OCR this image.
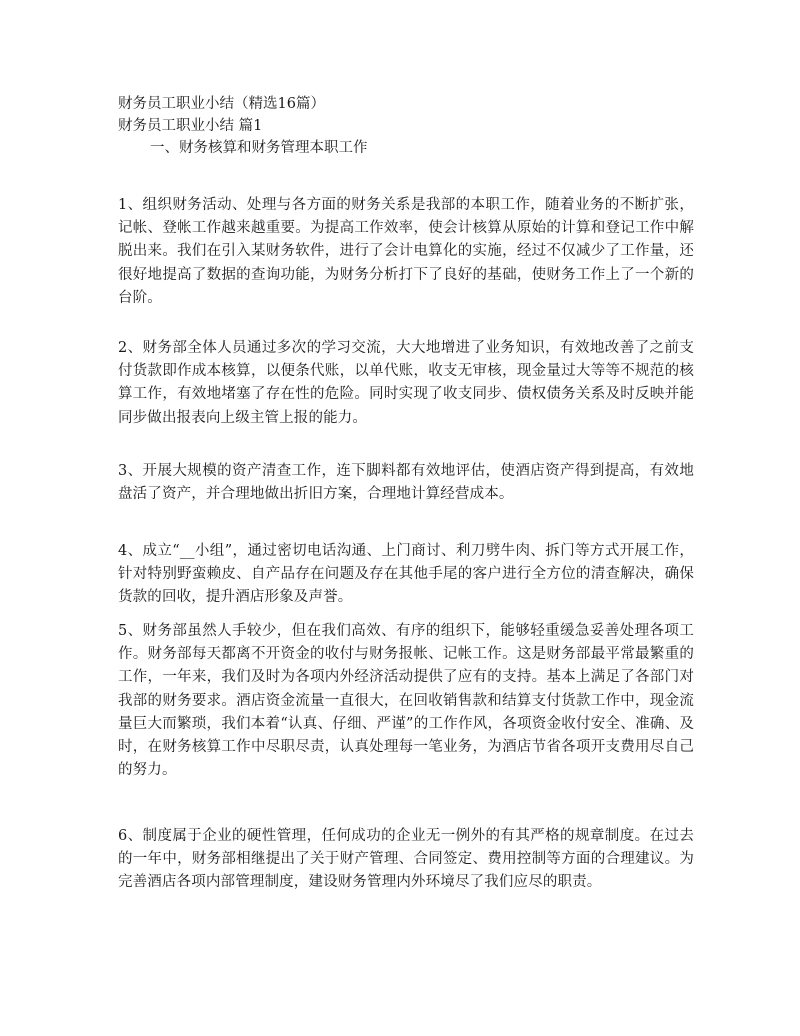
财务员工职业小结（精选16篇）
财务员工职业小结 篇1
一、财务核算和财务管理本职工作

1、组织财务活动、处理与各方面的财务关系是我部的本职工作，随着业务的不断扩张，记帐、登帐工作越来越重要。为提高工作效率，使会计核算从原始的计算和登记工作中解脱出来。我们在引入某财务软件，进行了会计电算化的实施，经过不仅减少了工作量，还很好地提高了数据的查询功能，为财务分析打下了良好的基础，使财务工作上了一个新的台阶。

2、财务部全体人员通过多次的学习交流，大大地增进了业务知识，有效地改善了之前支付货款即作成本核算，以便条代账，以单代账，收支无审核，现金量过大等等不规范的核算工作，有效地堵塞了存在性的危险。同时实现了收支同步、债权债务关系及时反映并能同步做出报表向上级主管上报的能力。

3、开展大规模的资产清查工作，连下脚料都有效地评估，使酒店资产得到提高，有效地盘活了资产，并合理地做出折旧方案，合理地计算经营成本。

4、成立“__小组”，通过密切电话沟通、上门商讨、利刀劈牛肉、拆门等方式开展工作，针对特别野蛮赖皮、自产品存在问题及存在其他手尾的客户进行全方位的清查解决，确保货款的回收，提升酒店形象及声誉。

5、财务部虽然人手较少，但在我们高效、有序的组织下，能够轻重缓急妥善处理各项工作。财务部每天都离不开资金的收付与财务报帐、记帐工作。这是财务部最平常最繁重的工作，一年来，我们及时为各项内外经济活动提供了应有的支持。基本上满足了各部门对我部的财务要求。酒店资金流量一直很大，在回收销售款和结算支付货款工作中，现金流量巨大而繁琐，我们本着“认真、仔细、严谨”的工作作风，各项资金收付安全、准确、及时，在财务核算工作中尽职尽责，认真处理每一笔业务，为酒店节省各项开支费用尽自己的努力。

6、制度属于企业的硬性管理，任何成功的企业无一例外的有其严格的规章制度。在过去的一年中，财务部相继提出了关于财产管理、合同签定、费用控制等方面的合理建议。为完善酒店各项内部管理制度，建设财务管理内外环境尽了我们应尽的职责。
